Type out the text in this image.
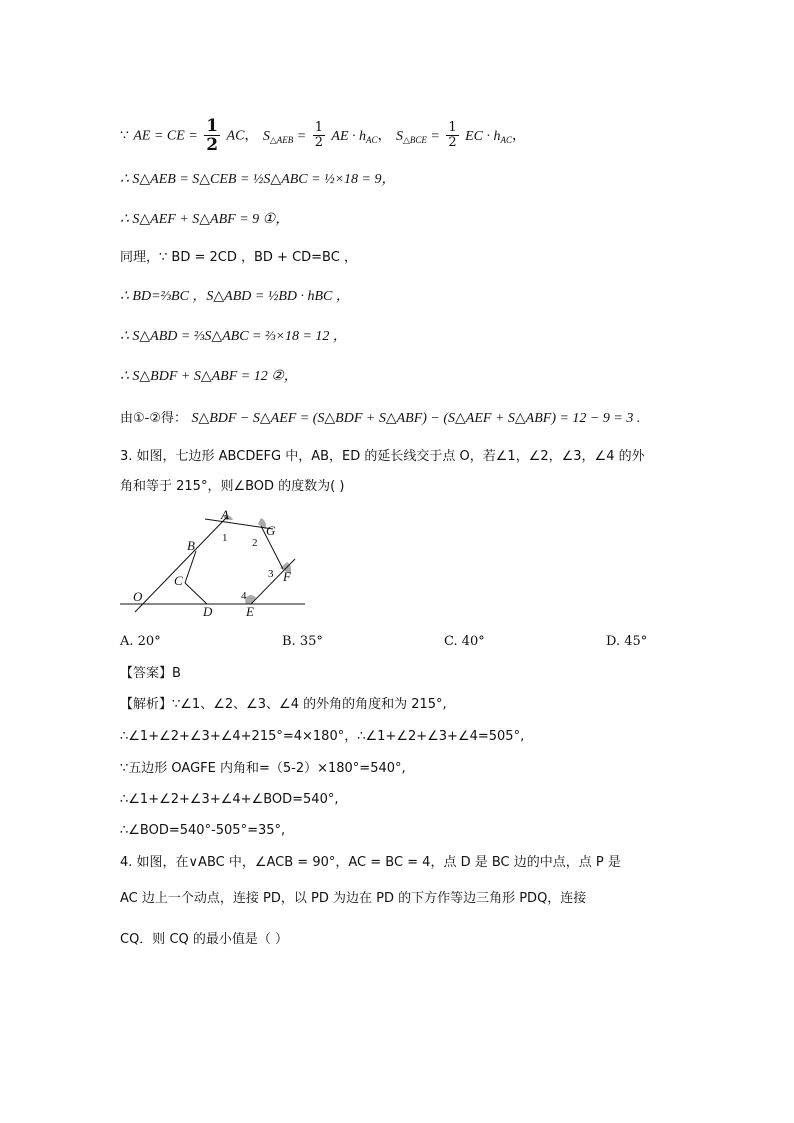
∵ AE = CE = $\frac{1}{2}$ AC， $S_{\triangle AEB} = \frac{1}{2}$ AE · $h_{AC}$， $S_{\triangle BCE} = \frac{1}{2}$ EC · $h_{AC}$，
∴ S△AEB = S△CEB = ½S△ABC = ½×18 = 9，
∴ S△AEF + S△ABF = 9 ①，
同理，∵ BD = 2CD ，BD + CD=BC ，
∴ BD=⅔BC ，S△ABD = ½BD · hBC ，
∴ S△ABD = ⅔S△ABC = ⅔×18 = 12 ，
∴ S△BDF + S△ABF = 12 ②，
由①-②得： S△BDF − S△AEF = (S△BDF + S△ABF) − (S△AEF + S△ABF) = 12 − 9 = 3 .
3. 如图，七边形 ABCDEFG 中，AB，ED 的延长线交于点 O，若∠1，∠2，∠3，∠4 的外
角和等于 215°，则∠BOD 的度数为( )
A
B
C
D	E
F
G
O
1 2
3
4
A. 20°	B. 35°	C. 40°	D. 45°
【答案】B
【解析】∵∠1、∠2、∠3、∠4 的外角的角度和为 215°,
∴∠1+∠2+∠3+∠4+215°=4×180°，∴∠1+∠2+∠3+∠4=505°,
∵五边形 OAGFE 内角和=（5-2）×180°=540°,
∴∠1+∠2+∠3+∠4+∠BOD=540°,
∴∠BOD=540°-505°=35°,
4. 如图，在∨ABC 中，∠ACB = 90°，AC = BC = 4，点 D 是 BC 边的中点，点 P 是
AC 边上一个动点，连接 PD，以 PD 为边在 PD 的下方作等边三角形 PDQ，连接
CQ．则 CQ 的最小值是（ ）
